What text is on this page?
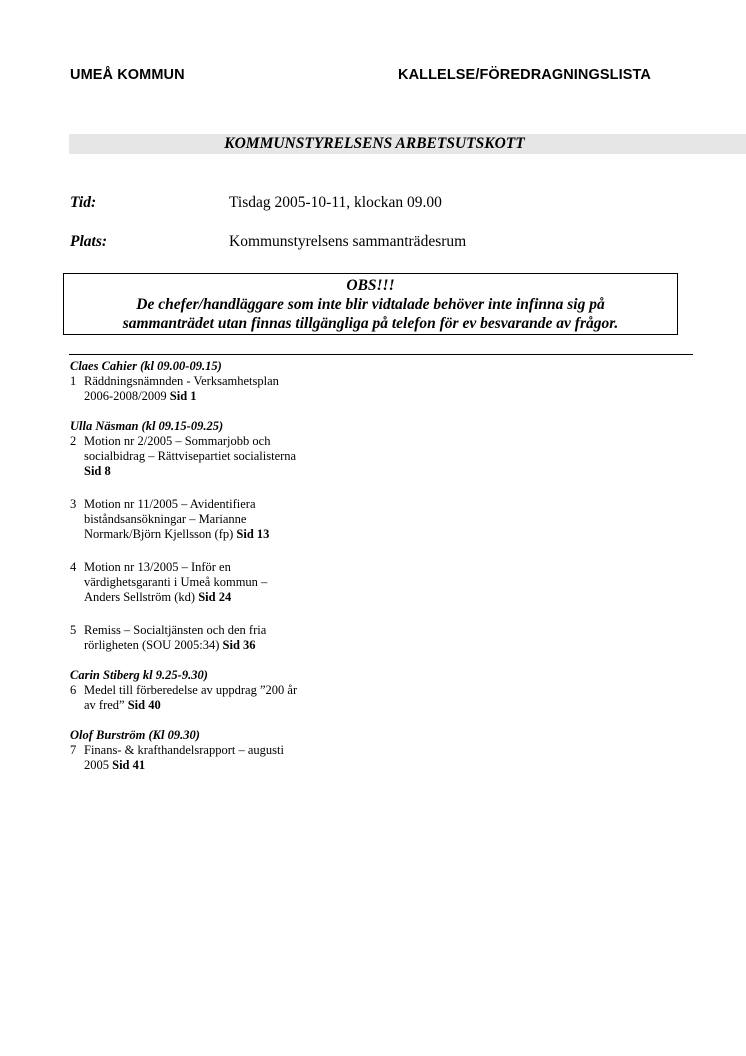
UMEÅ KOMMUN	KALLELSE/FÖREDRAGNINGSLISTA
KOMMUNSTYRELSENS ARBETSUTSKOTT
Tid:	Tisdag 2005-10-11, klockan 09.00
Plats:	Kommunstyrelsens sammanträdesrum
OBS!!!
De chefer/handläggare som inte blir vidtalade behöver inte infinna sig på
sammanträdet utan finnas tillgängliga på telefon för ev besvarande av frågor.
Claes Cahier (kl 09.00-09.15)
1 Räddningsnämnden - Verksamhetsplan 2006-2008/2009 Sid 1
Ulla Näsman (kl 09.15-09.25)
2 Motion nr 2/2005 – Sommarjobb och socialbidrag – Rättvisepartiet socialisterna Sid 8
3 Motion nr 11/2005 – Avidentifiera biståndsansökningar – Marianne Normark/Björn Kjellsson (fp) Sid 13
4 Motion nr 13/2005 – Inför en värdighetsgaranti i Umeå kommun – Anders Sellström (kd) Sid 24
5 Remiss – Socialtjänsten och den fria rörligheten (SOU 2005:34) Sid 36
Carin Stiberg kl 9.25-9.30)
6 Medel till förberedelse av uppdrag ”200 år av fred” Sid 40
Olof Burström (Kl 09.30)
7 Finans- & krafthandelsrapport – augusti 2005 Sid 41
